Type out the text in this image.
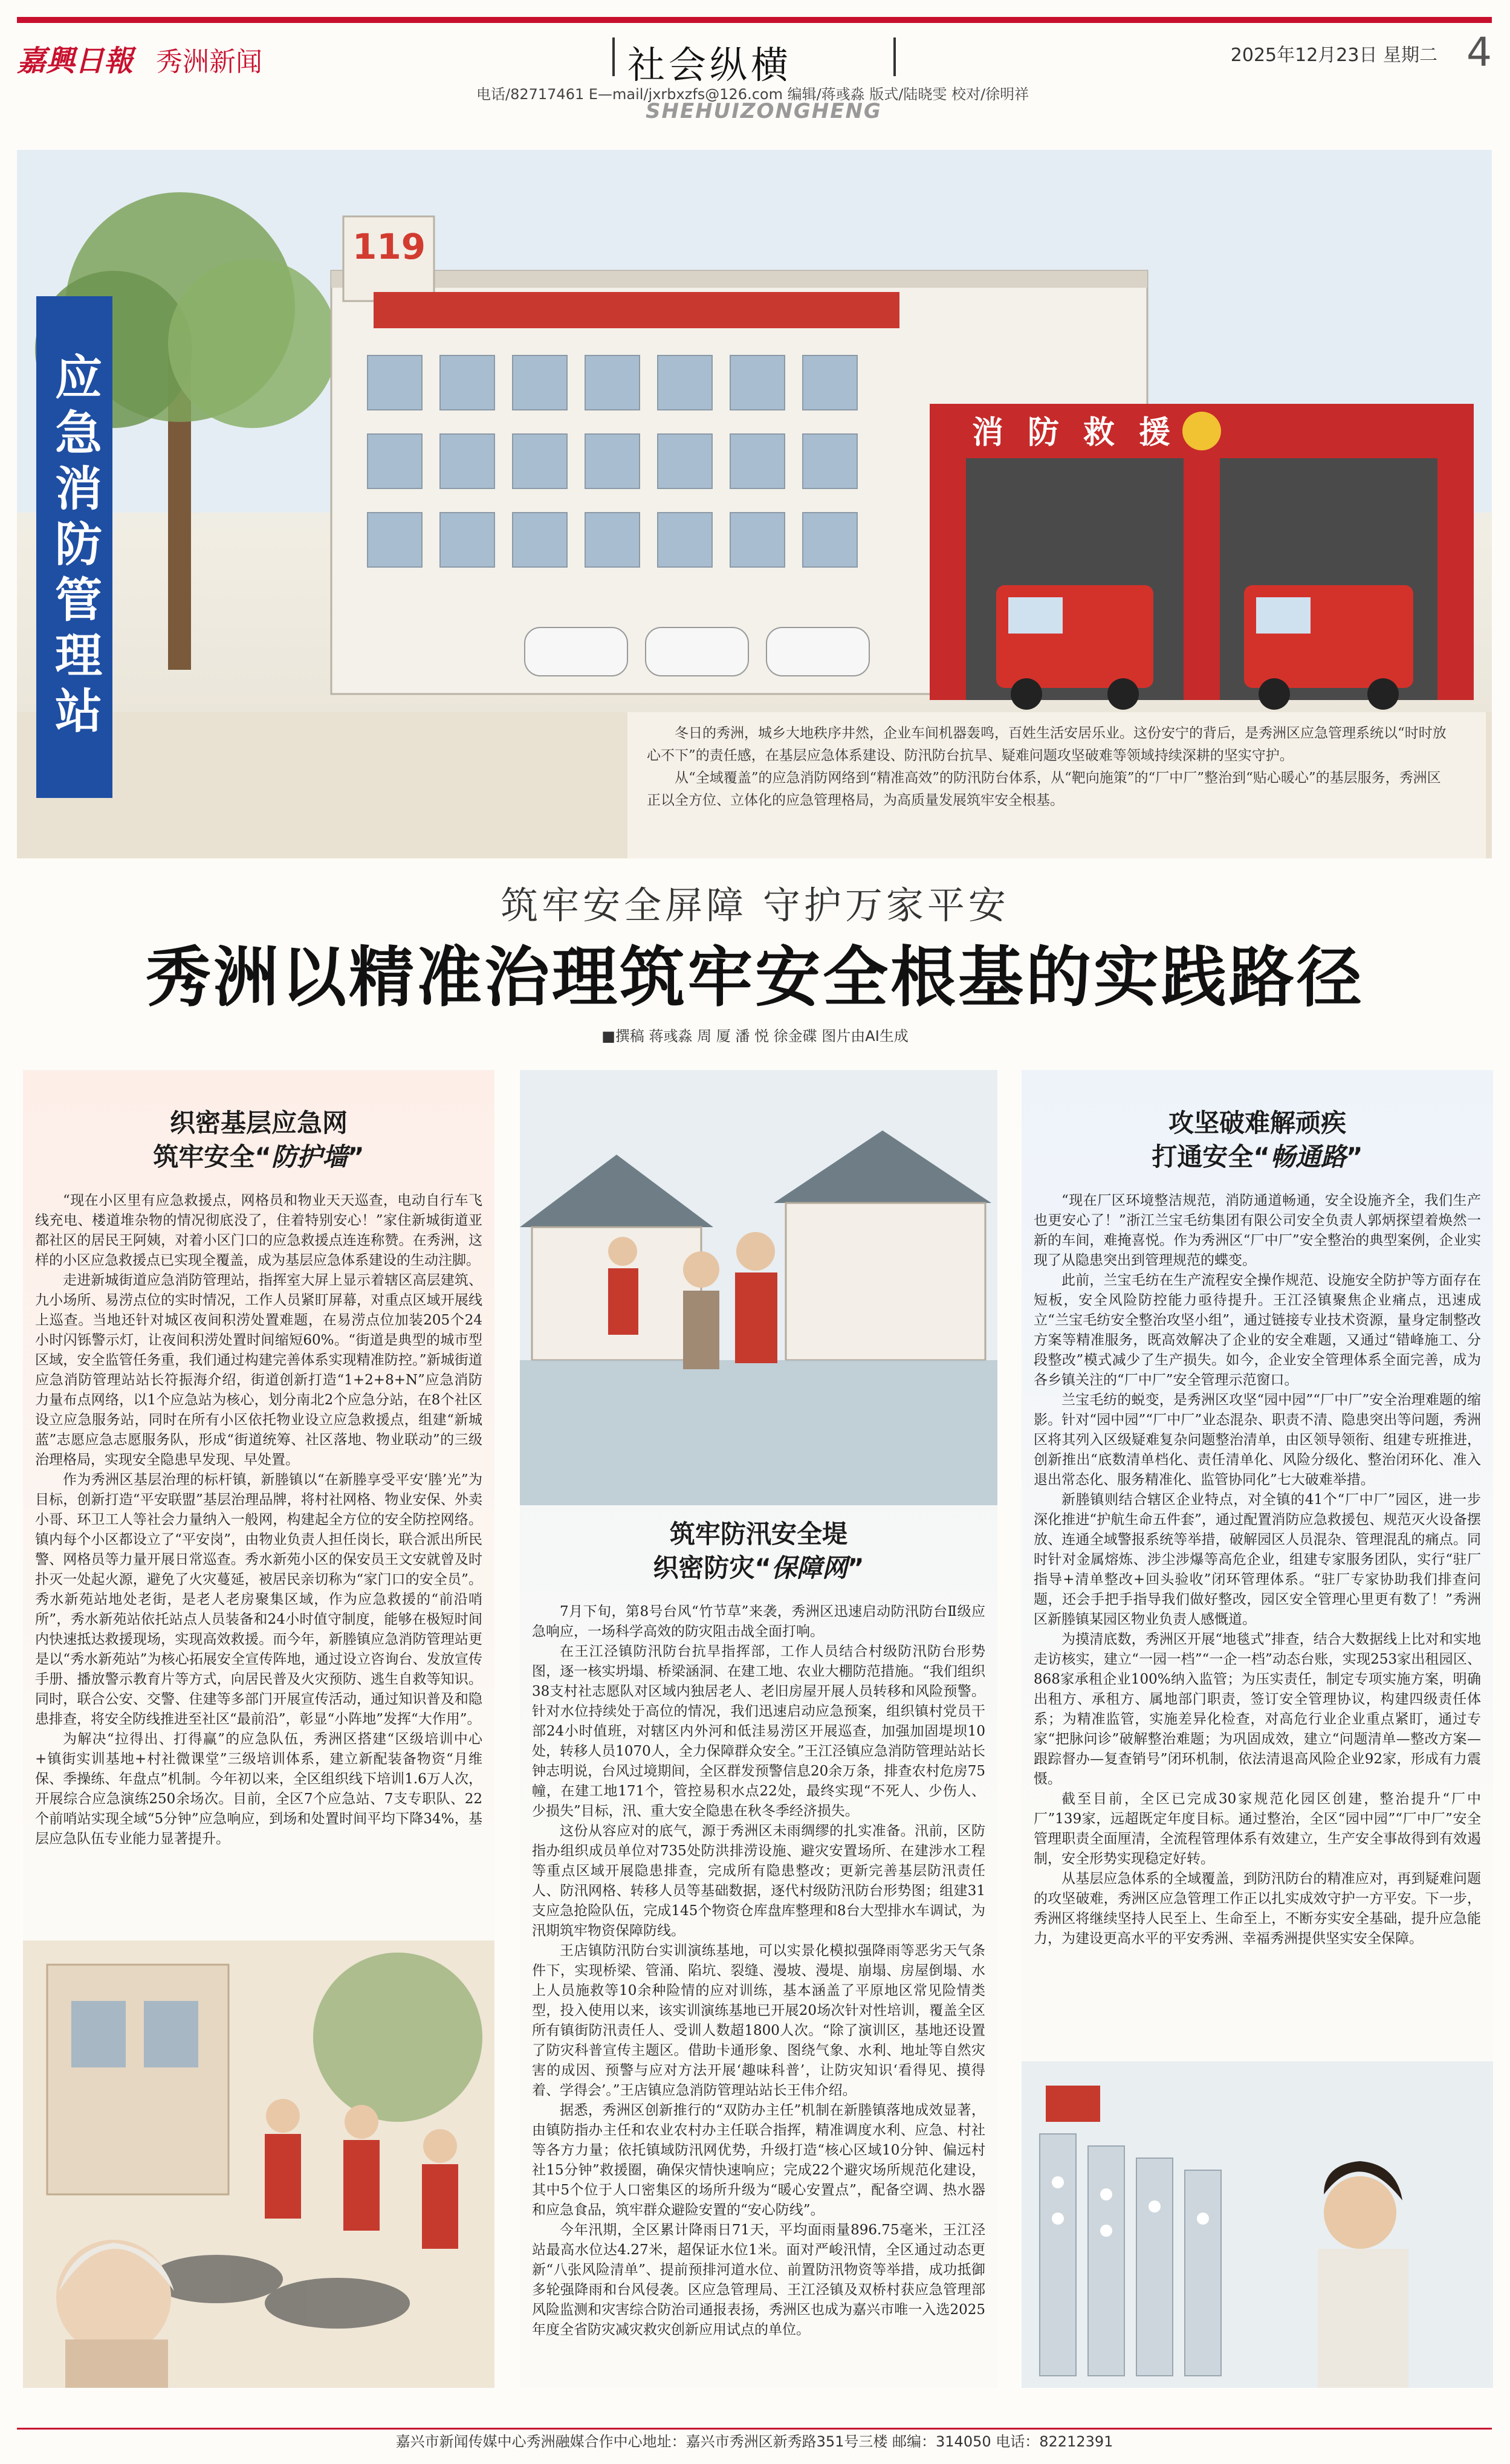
嘉興日報 秀洲新闻	社会纵横
电话/82717461 E—mail/jxrbxzfs@126.com 编辑/蒋彧淼 版式/陆晓雯 校对/徐明祥
SHEHUIZONGHENG
2025年12月23日 星期二 4
119
消防救援
应急消防管理站	冬日的秀洲，城乡大地秩序井然，企业车间机器轰鸣，百姓生活安居乐业。这份安宁的背后，是秀洲区应急管理系统以“时时放心不下”的责任感，在基层应急体系建设、防汛防台抗旱、疑难问题攻坚破难等领域持续深耕的坚实守护。

从“全域覆盖”的应急消防网络到“精准高效”的防汛防台体系，从“靶向施策”的“厂中厂”整治到“贴心暖心”的基层服务，秀洲区正以全方位、立体化的应急管理格局，为高质量发展筑牢安全根基。

筑牢安全屏障 守护万家平安
秀洲以精准治理筑牢安全根基的实践路径
■撰稿 蒋彧淼 周 厦 潘 悦 徐金碟 图片由AI生成
织密基层应急网
筑牢安全“防护墙”

“现在小区里有应急救援点，网格员和物业天天巡查，电动自行车飞线充电、楼道堆杂物的情况彻底没了，住着特别安心！”家住新城街道亚都社区的居民王阿姨，对着小区门口的应急救援点连连称赞。在秀洲，这样的小区应急救援点已实现全覆盖，成为基层应急体系建设的生动注脚。

走进新城街道应急消防管理站，指挥室大屏上显示着辖区高层建筑、九小场所、易涝点位的实时情况，工作人员紧盯屏幕，对重点区域开展线上巡查。当地还针对城区夜间积涝处置难题，在易涝点位加装205个24小时闪铄警示灯，让夜间积涝处置时间缩短60%。“街道是典型的城市型区域，安全监管任务重，我们通过构建完善体系实现精准防控。”新城街道应急消防管理站站长符振海介绍，街道创新打造“1+2+8+N”应急消防力量布点网络，以1个应急站为核心，划分南北2个应急分站，在8个社区设立应急服务站，同时在所有小区依托物业设立应急救援点，组建“新城蓝”志愿应急志愿服务队，形成“街道统筹、社区落地、物业联动”的三级治理格局，实现安全隐患早发现、早处置。

作为秀洲区基层治理的标杆镇，新塍镇以“在新塍享受平安‘塍’光”为目标，创新打造“平安联盟”基层治理品牌，将村社网格、物业安保、外卖小哥、环卫工人等社会力量纳入一般网，构建起全方位的安全防控网络。镇内每个小区都设立了“平安岗”，由物业负责人担任岗长，联合派出所民警、网格员等力量开展日常巡查。秀水新苑小区的保安员王文安就曾及时扑灭一处起火源，避免了火灾蔓延，被居民亲切称为“家门口的安全员”。秀水新苑站地处老街，是老人老房聚集区域，作为应急救援的“前沿哨所”，秀水新苑站依托站点人员装备和24小时值守制度，能够在极短时间内快速抵达救援现场，实现高效救援。而今年，新塍镇应急消防管理站更是以“秀水新苑站”为核心拓展安全宣传阵地，通过设立咨询台、发放宣传手册、播放警示教育片等方式，向居民普及火灾预防、逃生自救等知识。同时，联合公安、交警、住建等多部门开展宣传活动，通过知识普及和隐患排查，将安全防线推进至社区“最前沿”，彰显“小阵地”发挥“大作用”。

为解决“拉得出、打得赢”的应急队伍，秀洲区搭建“区级培训中心+镇街实训基地+村社微课堂”三级培训体系，建立新配装备物资“月维保、季操练、年盘点”机制。今年初以来，全区组织线下培训1.6万人次，开展综合应急演练250余场次。目前，全区7个应急站、7支专职队、22个前哨站实现全域“5分钟”应急响应，到场和处置时间平均下降34%，基层应急队伍专业能力显著提升。

筑牢防汛安全堤
织密防灾“保障网”

7月下旬，第8号台风“竹节草”来袭，秀洲区迅速启动防汛防台Ⅱ级应急响应，一场科学高效的防灾阻击战全面打响。

在王江泾镇防汛防台抗旱指挥部，工作人员结合村级防汛防台形势图，逐一核实坍塌、桥梁涵洞、在建工地、农业大棚防范措施。“我们组织38支村社志愿队对区域内独居老人、老旧房屋开展人员转移和风险预警。针对水位持续处于高位的情况，我们迅速启动应急预案，组织镇村党员干部24小时值班，对辖区内外河和低洼易涝区开展巡查，加强加固堤坝10处，转移人员1070人，全力保障群众安全。”王江泾镇应急消防管理站站长钟志明说，台风过境期间，全区群发预警信息20余万条，排查农村危房75幢，在建工地171个，管控易积水点22处，最终实现“不死人、少伤人、少损失”目标，汛、重大安全隐患在秋冬季经济损失。

这份从容应对的底气，源于秀洲区未雨绸缪的扎实准备。汛前，区防指办组织成员单位对735处防洪排涝设施、避灾安置场所、在建涉水工程等重点区域开展隐患排查，完成所有隐患整改；更新完善基层防汛责任人、防汛网格、转移人员等基础数据，逐代村级防汛防台形势图；组建31支应急抢险队伍，完成145个物资仓库盘库整理和8台大型排水车调试，为汛期筑牢物资保障防线。

王店镇防汛防台实训演练基地，可以实景化模拟强降雨等恶劣天气条件下，实现桥梁、管涌、陷坑、裂缝、漫坡、漫堤、崩塌、房屋倒塌、水上人员施救等10余种险情的应对训练，基本涵盖了平原地区常见险情类型，投入使用以来，该实训演练基地已开展20场次针对性培训，覆盖全区所有镇街防汛责任人、受训人数超1800人次。“除了演训区，基地还设置了防灾科普宣传主题区。借助卡通形象、图绕气象、水利、地址等自然灾害的成因、预警与应对方法开展‘趣味科普’，让防灾知识‘看得见、摸得着、学得会’。”王店镇应急消防管理站站长王伟介绍。

据悉，秀洲区创新推行的“双防办主任”机制在新塍镇落地成效显著，由镇防指办主任和农业农村办主任联合指挥，精准调度水利、应急、村社等各方力量；依托镇域防汛网优势，升级打造“核心区域10分钟、偏远村社15分钟”救援圈，确保灾情快速响应；完成22个避灾场所规范化建设，其中5个位于人口密集区的场所升级为“暖心安置点”，配备空调、热水器和应急食品，筑牢群众避险安置的“安心防线”。

今年汛期，全区累计降雨日71天，平均面雨量896.75毫米，王江泾站最高水位达4.27米，超保证水位1米。面对严峻汛情，全区通过动态更新“八张风险清单”、提前预排河道水位、前置防汛物资等举措，成功抵御多轮强降雨和台风侵袭。区应急管理局、王江泾镇及双桥村获应急管理部风险监测和灾害综合防治司通报表扬，秀洲区也成为嘉兴市唯一入选2025年度全省防灾减灾救灾创新应用试点的单位。

攻坚破难解顽疾
打通安全“畅通路”

“现在厂区环境整洁规范，消防通道畅通，安全设施齐全，我们生产也更安心了！”浙江兰宝毛纺集团有限公司安全负责人郭炳探望着焕然一新的车间，难掩喜悦。作为秀洲区“厂中厂”安全整治的典型案例，企业实现了从隐患突出到管理规范的蝶变。

此前，兰宝毛纺在生产流程安全操作规范、设施安全防护等方面存在短板，安全风险防控能力亟待提升。王江泾镇聚焦企业痛点，迅速成立“兰宝毛纺安全整治攻坚小组”，通过链接专业技术资源，量身定制整改方案等精准服务，既高效解决了企业的安全难题，又通过“错峰施工、分段整改”模式减少了生产损失。如今，企业安全管理体系全面完善，成为各乡镇关注的“厂中厂”安全管理示范窗口。

兰宝毛纺的蜕变，是秀洲区攻坚“园中园”“厂中厂”安全治理难题的缩影。针对“园中园”“厂中厂”业态混杂、职责不清、隐患突出等问题，秀洲区将其列入区级疑难复杂问题整治清单，由区领导领衔、组建专班推进，创新推出“底数清单档化、责任清单化、风险分级化、整治闭环化、准入退出常态化、服务精准化、监管协同化”七大破难举措。

新塍镇则结合辖区企业特点，对全镇的41个“厂中厂”园区，进一步深化推进“护航生命五件套”，通过配置消防应急救援包、规范灭火设备摆放、连通全域警报系统等举措，破解园区人员混杂、管理混乱的痛点。同时针对金属熔炼、涉尘涉爆等高危企业，组建专家服务团队，实行“驻厂指导+清单整改+回头验收”闭环管理体系。“驻厂专家协助我们排查问题，还会手把手指导我们做好整改，园区安全管理心里更有数了！”秀洲区新塍镇某园区物业负责人感慨道。

为摸清底数，秀洲区开展“地毯式”排查，结合大数据线上比对和实地走访核实，建立“一园一档”“一企一档”动态台账，实现253家出租园区、868家承租企业100%纳入监管；为压实责任，制定专项实施方案，明确出租方、承租方、属地部门职责，签订安全管理协议，构建四级责任体系；为精准监管，实施差异化检查，对高危行业企业重点紧盯，通过专家“把脉问诊”破解整治难题；为巩固成效，建立“问题清单—整改方案—跟踪督办—复查销号”闭环机制，依法清退高风险企业92家，形成有力震慑。

截至目前，全区已完成30家规范化园区创建，整治提升“厂中厂”139家，远超既定年度目标。通过整治，全区“园中园”“厂中厂”安全管理职责全面厘清，全流程管理体系有效建立，生产安全事故得到有效遏制，安全形势实现稳定好转。

从基层应急体系的全域覆盖，到防汛防台的精准应对，再到疑难问题的攻坚破难，秀洲区应急管理工作正以扎实成效守护一方平安。下一步，秀洲区将继续坚持人民至上、生命至上，不断夯实安全基础，提升应急能力，为建设更高水平的平安秀洲、幸福秀洲提供坚实安全保障。

嘉兴市新闻传媒中心秀洲融媒合作中心地址：嘉兴市秀洲区新秀路351号三楼 邮编：314050 电话：82212391
